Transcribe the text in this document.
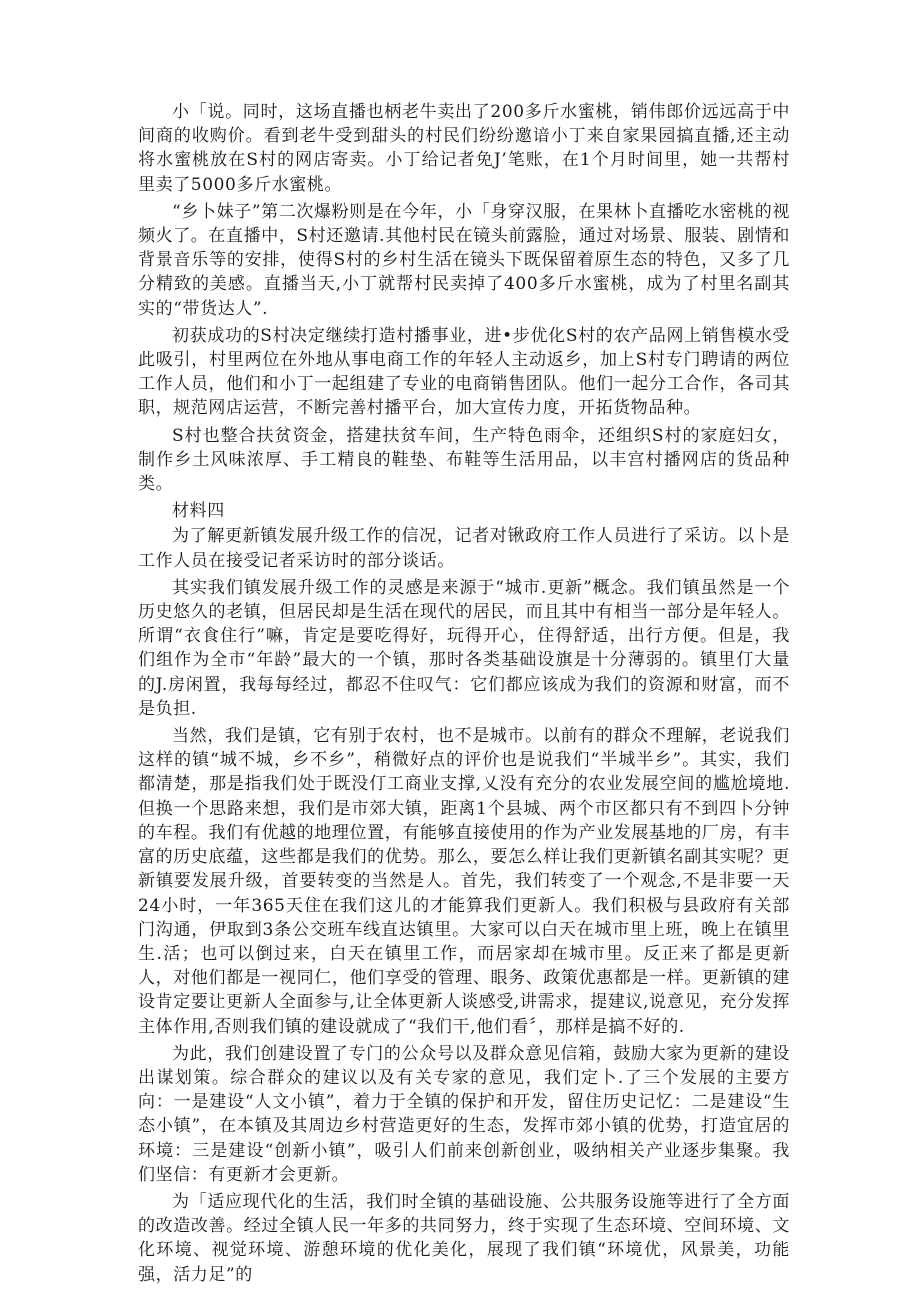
小「说。同时，这场直播也柄老牛卖出了200多斤水蜜桃，销伟郎价远远高于中间商的收购价。看到老牛受到甜头的村民们纷纷邀谙小丁来自家果园搞直播,还主动将水蜜桃放在S村的网店寄卖。小丁给记者免J’笔账，在1个月时间里，她一共帮村里卖了5000多斤水蜜桃。

“乡卜妹子”第二次爆粉则是在今年，小「身穿汉服，在果林卜直播吃水密桃的视频火了。在直播中，S村还邀请.其他村民在镜头前露脸，通过对场景、服装、剧情和背景音乐等的安排，使得S村的乡村生活在镜头下既保留着原生态的特色，又多了几分精致的美感。直播当天,小丁就帮村民卖掉了400多斤水蜜桃，成为了村里名副其实的“带货达人”.

初获成功的S村决定继续打造村播事业，进•步优化S村的农产品网上销售模水受此吸引，村里两位在外地从事电商工作的年轻人主动返乡，加上S村专门聘请的两位工作人员，他们和小丁一起组建了专业的电商销售团队。他们一起分工合作，各司其职，规范网店运营，不断完善村播平台，加大宣传力度，开拓货物品种。

S村也整合扶贫资金，搭建扶贫车间，生产特色雨伞，还组织S村的家庭妇女，制作乡土风味浓厚、手工精良的鞋垫、布鞋等生活用品，以丰宫村播网店的货品种类。

材料四

为了解更新镇发展升级工作的信况，记者对锹政府工作人员进行了采访。以卜是工作人员在接受记者采访时的部分谈话。

其实我们镇发展升级工作的灵感是来源于“城市.更新”概念。我们镇虽然是一个历史悠久的老镇，但居民却是生活在现代的居民，而且其中有相当一部分是年轻人。所谓“衣食住行”嘛，肯定是要吃得好，玩得开心，住得舒适，出行方便。但是，我们组作为全市“年龄”最大的一个镇，那时各类基础设旗是十分薄弱的。镇里仃大量的J.房闲置，我每每经过，都忍不住叹气：它们都应该成为我们的资源和财富，而不是负担.

当然，我们是镇，它有别于农村，也不是城市。以前有的群众不理解，老说我们这样的镇“城不城，乡不乡”，稍微好点的评价也是说我们“半城半乡”。其实，我们都清楚，那是指我们处于既没仃工商业支撑,乂没有充分的农业发展空间的尴尬境地.但换一个思路来想，我们是市郊大镇，距离1个县城、两个市区都只有不到四卜分钟的车程。我们有优越的地理位置，有能够直接使用的作为产业发展基地的厂房，有丰富的历史底蕴，这些都是我们的优势。那么，要怎么样让我们更新镇名副其实呢？更新镇要发展升级，首要转变的当然是人。首先，我们转变了一个观念,不是非要一天24小时，一年365天住在我们这儿的才能算我们更新人。我们积极与县政府有关部门沟通，伊取到3条公交班车线直达镇里。大家可以白天在城市里上班，晚上在镇里生.活；也可以倒过来，白天在镇里工作，而居家却在城市里。反正来了都是更新人，对他们都是一视同仁，他们享受的管理、眼务、政策优惠都是一样。更新镇的建设肯定要让更新人全面参与,让全体更新人谈感受,讲需求，提建议,说意见，充分发挥主体作用,否则我们镇的建设就成了“我们干,他们看〞，那样是搞不好的.

为此，我们创建设置了专门的公众号以及群众意见信箱，鼓励大家为更新的建设出谋划策。综合群众的建议以及有关专家的意见，我们定卜.了三个发展的主要方向：一是建设“人文小镇”，着力于全镇的保护和开发，留住历史记忆：二是建设“生态小镇”，在本镇及其周边乡村营造更好的生态，发挥市郊小镇的优势，打造宜居的环境：三是建设“创新小镇”，吸引人们前来创新创业，吸纳相关产业逐步集聚。我们坚信：有更新才会更新。

为「适应现代化的生活，我们时全镇的基础设施、公共服务设施等进行了全方面的改造改善。经过全镇人民一年多的共同努力，终于实现了生态环境、空间环境、文化环境、视觉环境、游憩环境的优化美化，展现了我们镇“环境优，风景美，功能强，活力足”的
